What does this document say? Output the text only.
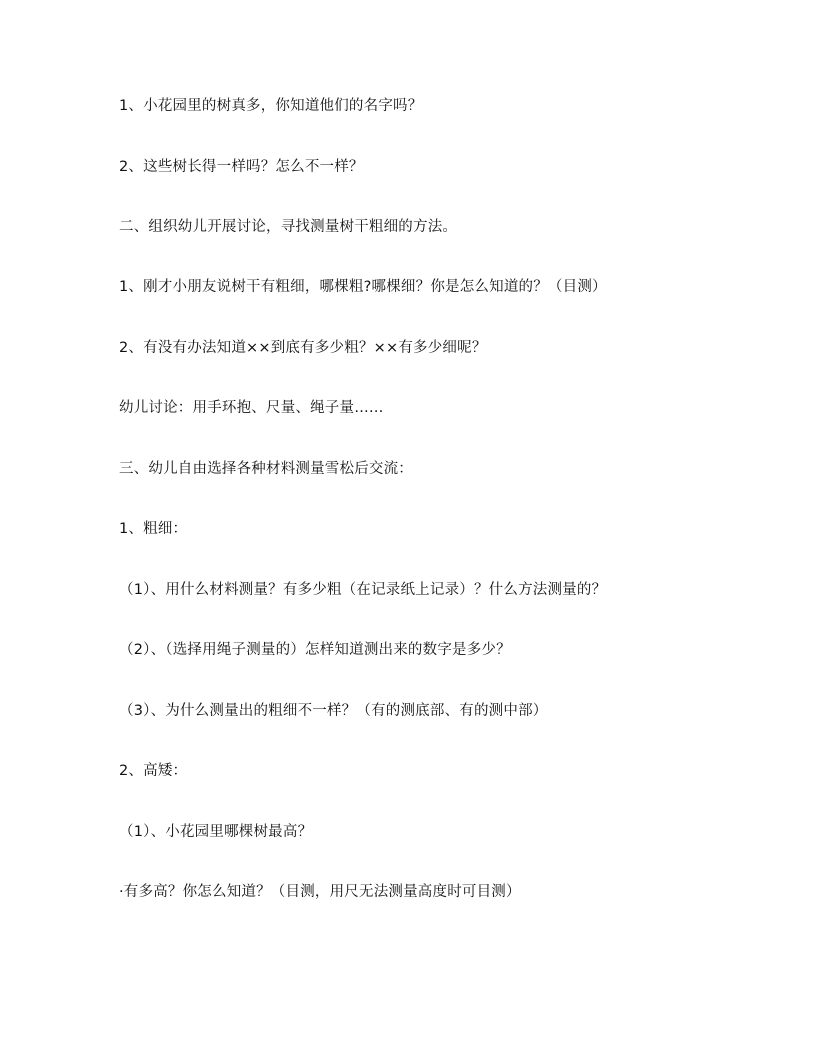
1、小花园里的树真多，你知道他们的名字吗？
2、这些树长得一样吗？怎么不一样？
二、组织幼儿开展讨论，寻找测量树干粗细的方法。
1、刚才小朋友说树干有粗细，哪棵粗?哪棵细？你是怎么知道的？（目测）
2、有没有办法知道××到底有多少粗？××有多少细呢？
幼儿讨论：用手环抱、尺量、绳子量……
三、幼儿自由选择各种材料测量雪松后交流：
1、粗细：
（1）、用什么材料测量？有多少粗（在记录纸上记录）？什么方法测量的？
（2）、（选择用绳子测量的）怎样知道测出来的数字是多少？
（3）、为什么测量出的粗细不一样？（有的测底部、有的测中部）
2、高矮：
（1）、小花园里哪棵树最高？
·有多高？你怎么知道？（目测，用尺无法测量高度时可目测）
